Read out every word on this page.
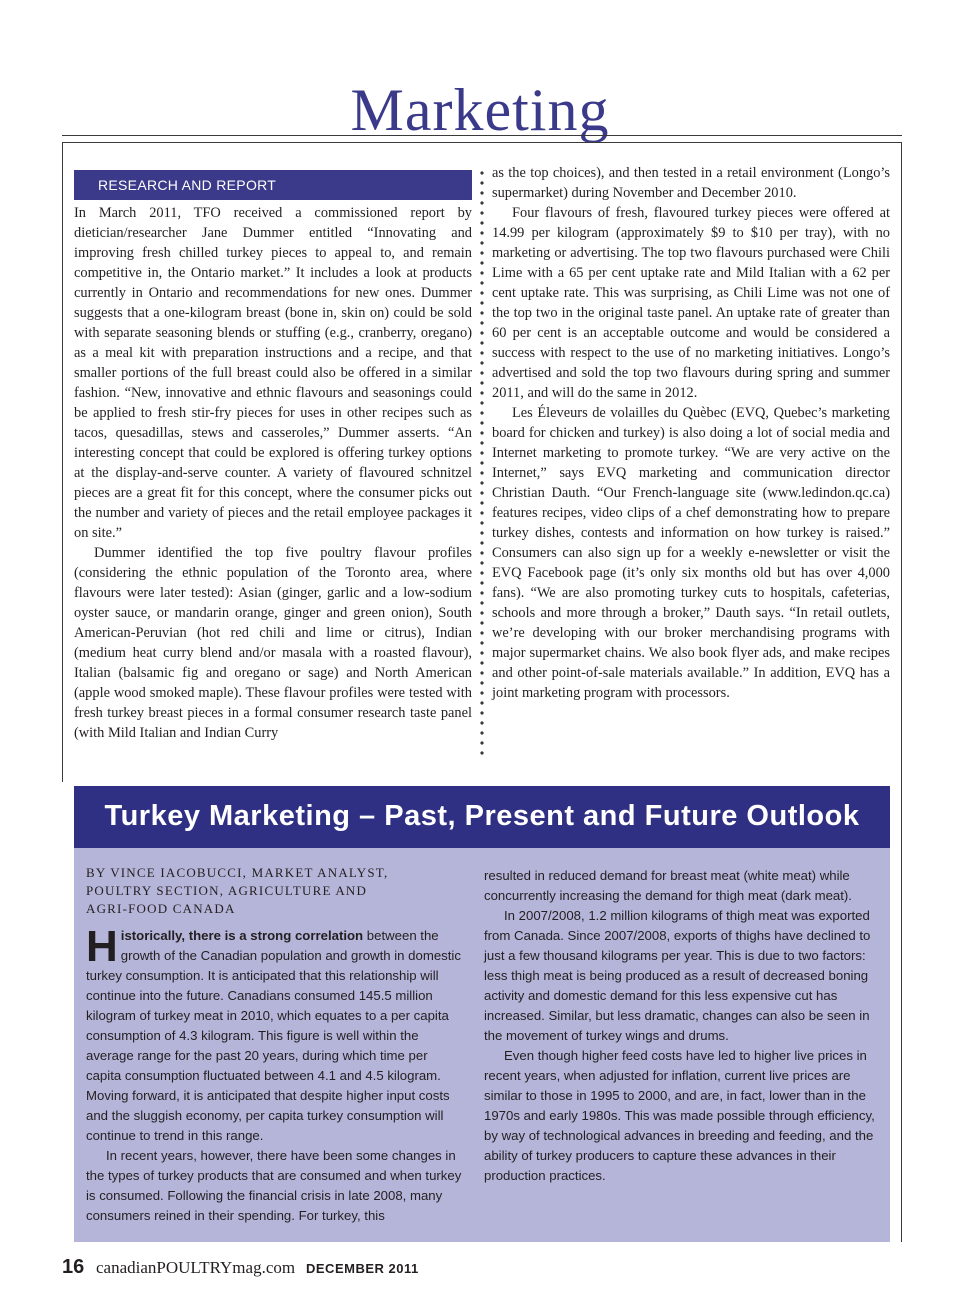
Marketing
RESEARCH AND REPORT

In March 2011, TFO received a commissioned report by dietician/researcher Jane Dummer entitled “Innovating and improving fresh chilled turkey pieces to appeal to, and remain competitive in, the Ontario market.” It includes a look at products currently in Ontario and recommendations for new ones. Dummer suggests that a one-kilogram breast (bone in, skin on) could be sold with separate seasoning blends or stuffing (e.g., cranberry, oregano) as a meal kit with preparation instructions and a recipe, and that smaller portions of the full breast could also be offered in a similar fashion. “New, innovative and ethnic flavours and seasonings could be applied to fresh stir-fry pieces for uses in other recipes such as tacos, quesadillas, stews and casseroles,” Dummer asserts. “An interesting concept that could be explored is offering turkey options at the display-and-serve counter. A variety of flavoured schnitzel pieces are a great fit for this concept, where the consumer picks out the number and variety of pieces and the retail employee packages it on site.”

Dummer identified the top five poultry flavour profiles (considering the ethnic population of the Toronto area, where flavours were later tested): Asian (ginger, garlic and a low-sodium oyster sauce, or mandarin orange, ginger and green onion), South American-Peruvian (hot red chili and lime or citrus), Indian (medium heat curry blend and/or masala with a roasted flavour), Italian (balsamic fig and oregano or sage) and North American (apple wood smoked maple). These flavour profiles were tested with fresh turkey breast pieces in a formal consumer research taste panel (with Mild Italian and Indian Curry

as the top choices), and then tested in a retail environment (Longo’s supermarket) during November and December 2010.

Four flavours of fresh, flavoured turkey pieces were offered at 14.99 per kilogram (approximately $9 to $10 per tray), with no marketing or advertising. The top two flavours purchased were Chili Lime with a 65 per cent uptake rate and Mild Italian with a 62 per cent uptake rate. This was surprising, as Chili Lime was not one of the top two in the original taste panel. An uptake rate of greater than 60 per cent is an acceptable outcome and would be considered a success with respect to the use of no marketing initiatives. Longo’s advertised and sold the top two flavours during spring and summer 2011, and will do the same in 2012.

Les Éleveurs de volailles du Quèbec (EVQ, Quebec’s marketing board for chicken and turkey) is also doing a lot of social media and Internet marketing to promote turkey. “We are very active on the Internet,” says EVQ marketing and communication director Christian Dauth. “Our French-language site (www.ledindon.qc.ca) features recipes, video clips of a chef demonstrating how to prepare turkey dishes, contests and information on how turkey is raised.” Consumers can also sign up for a weekly e-newsletter or visit the EVQ Facebook page (it’s only six months old but has over 4,000 fans). “We are also promoting turkey cuts to hospitals, cafeterias, schools and more through a broker,” Dauth says. “In retail outlets, we’re developing with our broker merchandising programs with major supermarket chains. We also book flyer ads, and make recipes and other point-of-sale materials available.” In addition, EVQ has a joint marketing program with processors.

Turkey Marketing – Past, Present and Future Outlook
BY VINCE IACOBUCCI, MARKET ANALYST,
POULTRY SECTION, AGRICULTURE AND
AGRI-FOOD CANADA

Historically, there is a strong correlation between the growth of the Canadian population and growth in domestic turkey consumption. It is anticipated that this relationship will continue into the future. Canadians consumed 145.5 million kilogram of turkey meat in 2010, which equates to a per capita consumption of 4.3 kilogram. This figure is well within the average range for the past 20 years, during which time per capita consumption fluctuated between 4.1 and 4.5 kilogram. Moving forward, it is anticipated that despite higher input costs and the sluggish economy, per capita turkey consumption will continue to trend in this range.

In recent years, however, there have been some changes in the types of turkey products that are consumed and when turkey is consumed. Following the financial crisis in late 2008, many consumers reined in their spending. For turkey, this

resulted in reduced demand for breast meat (white meat) while concurrently increasing the demand for thigh meat (dark meat).

In 2007/2008, 1.2 million kilograms of thigh meat was exported from Canada. Since 2007/2008, exports of thighs have declined to just a few thousand kilograms per year. This is due to two factors: less thigh meat is being produced as a result of decreased boning activity and domestic demand for this less expensive cut has increased. Similar, but less dramatic, changes can also be seen in the movement of turkey wings and drums.

Even though higher feed costs have led to higher live prices in recent years, when adjusted for inflation, current live prices are similar to those in 1995 to 2000, and are, in fact, lower than in the 1970s and early 1980s. This was made possible through efficiency, by way of technological advances in breeding and feeding, and the ability of turkey producers to capture these advances in their production practices.

16 canadianPOULTRYmag.com DECEMBER 2011
